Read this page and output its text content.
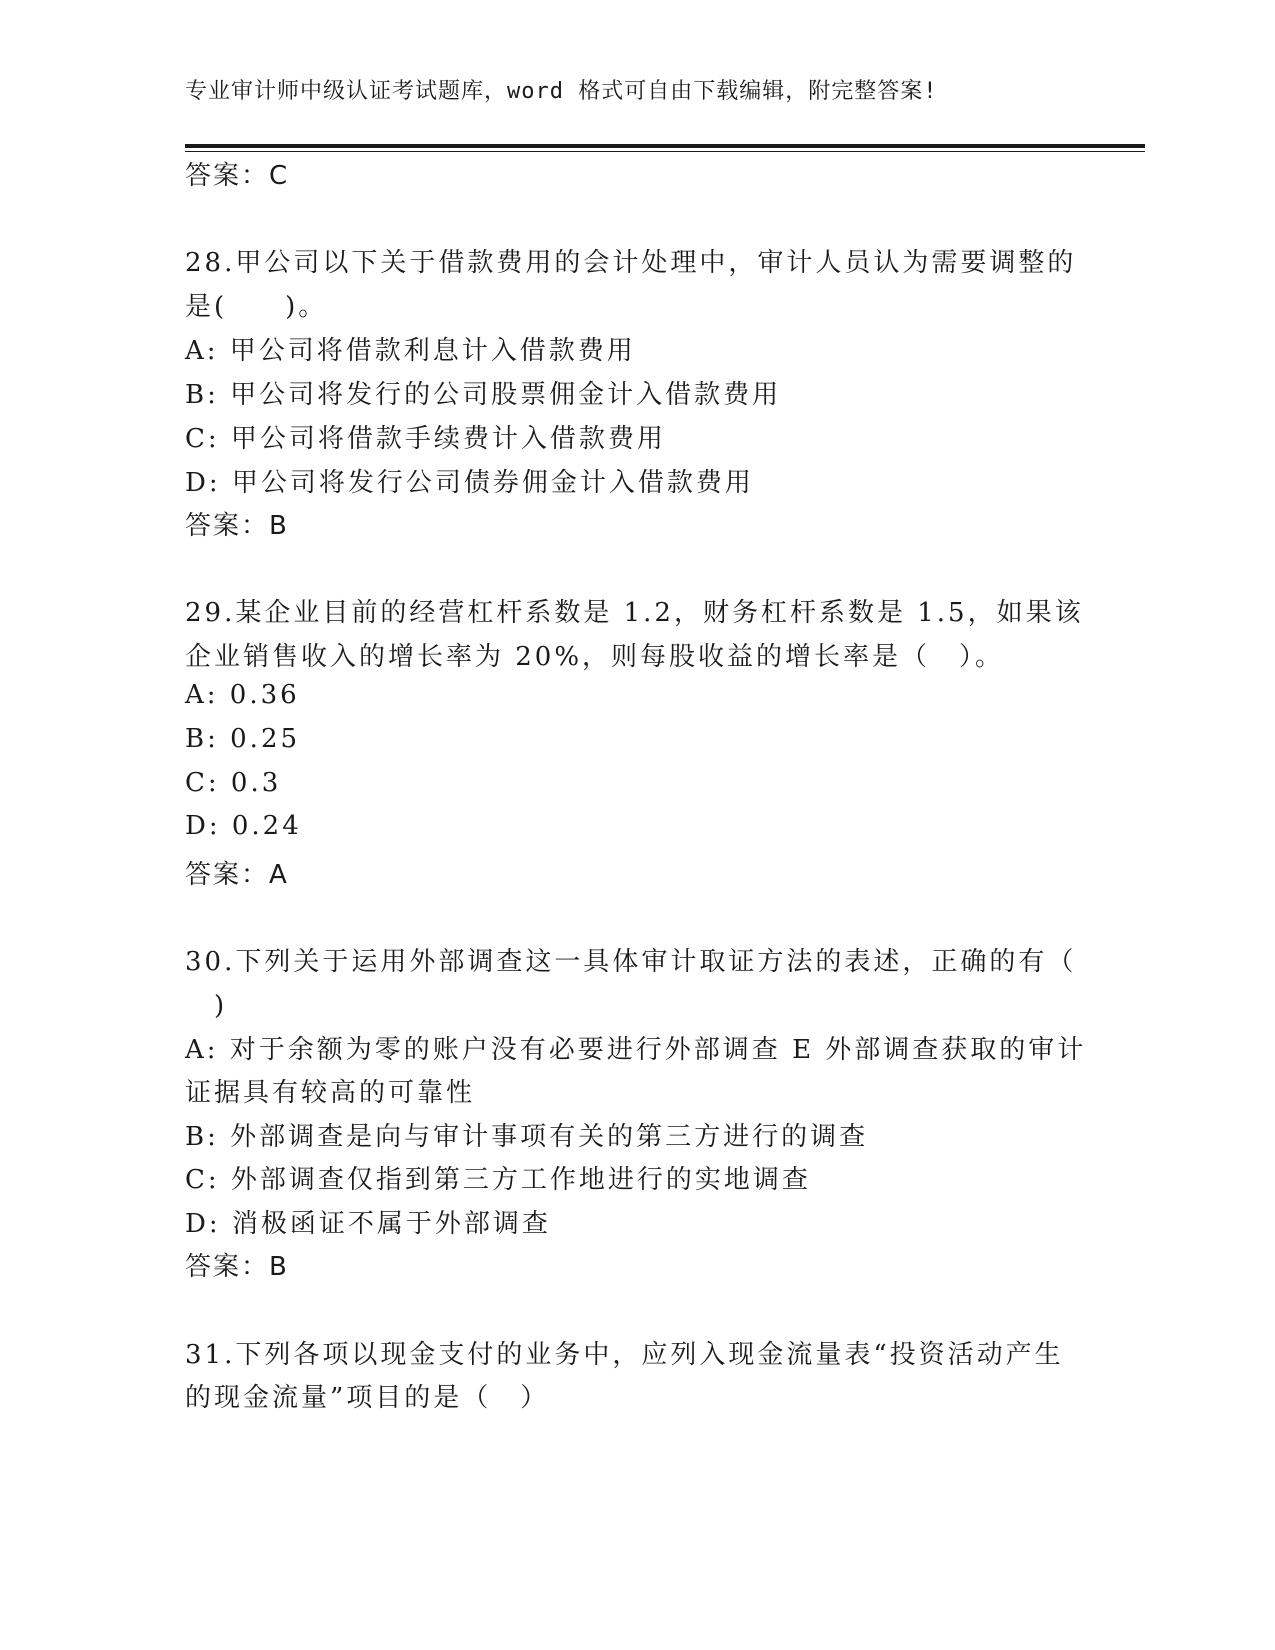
专业审计师中级认证考试题库，word 格式可自由下载编辑，附完整答案!
答案：C
28.甲公司以下关于借款费用的会计处理中，审计人员认为需要调整的
是(　　)。
A: 甲公司将借款利息计入借款费用
B: 甲公司将发行的公司股票佣金计入借款费用
C: 甲公司将借款手续费计入借款费用
D: 甲公司将发行公司债券佣金计入借款费用
答案：B
29.某企业目前的经营杠杆系数是 1.2，财务杠杆系数是 1.5，如果该
企业销售收入的增长率为 20%，则每股收益的增长率是（　）。
A: 0.36
B: 0.25
C: 0.3
D: 0.24
答案：A
30.下列关于运用外部调查这一具体审计取证方法的表述，正确的有（
　)
A: 对于余额为零的账户没有必要进行外部调查 E 外部调查获取的审计
证据具有较高的可靠性
B: 外部调查是向与审计事项有关的第三方进行的调查
C: 外部调查仅指到第三方工作地进行的实地调查
D: 消极函证不属于外部调查
答案：B
31.下列各项以现金支付的业务中，应列入现金流量表“投资活动产生
的现金流量”项目的是（　）
